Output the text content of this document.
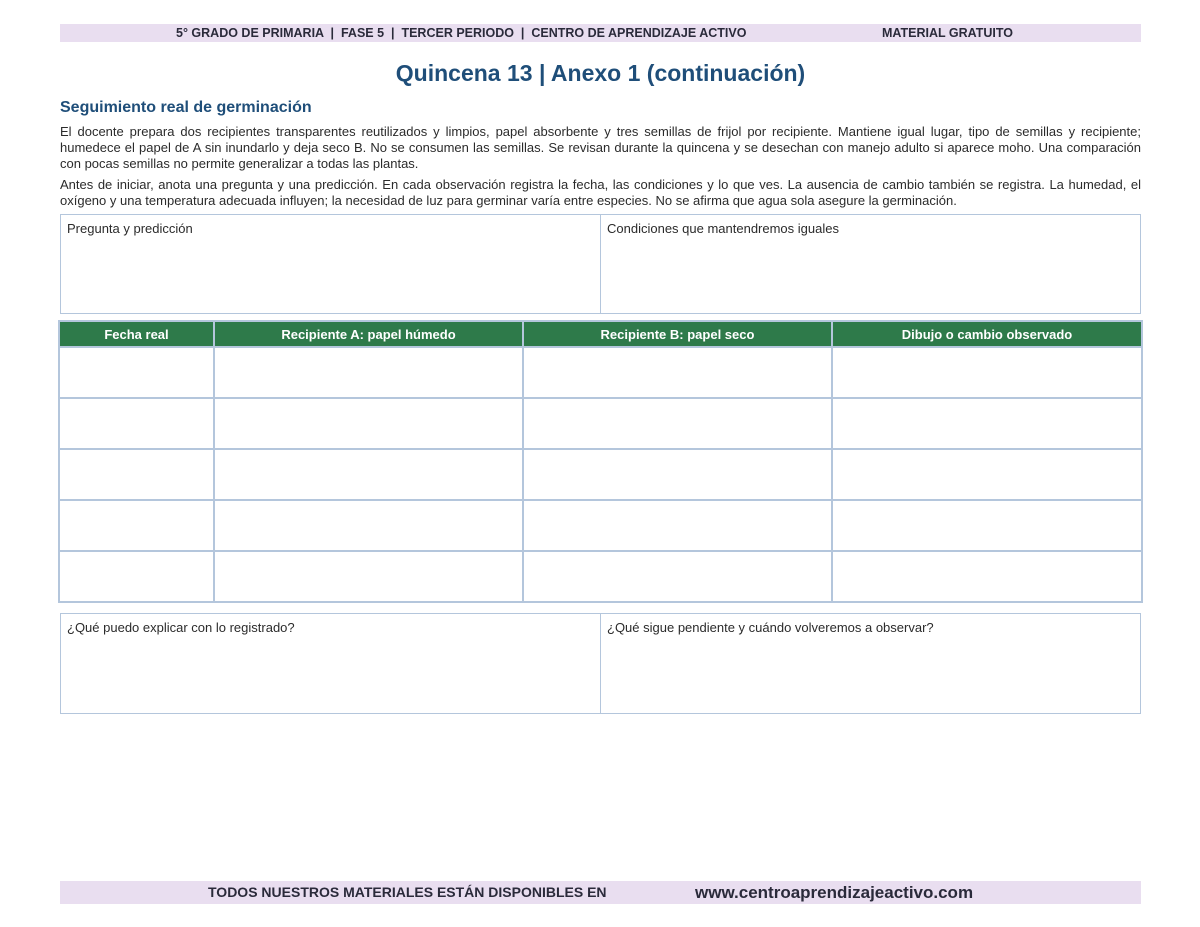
5° GRADO DE PRIMARIA  |  FASE 5  |  TERCER PERIODO  |  CENTRO DE APRENDIZAJE ACTIVO	MATERIAL GRATUITO
Quincena 13 | Anexo 1 (continuación)
Seguimiento real de germinación
El docente prepara dos recipientes transparentes reutilizados y limpios, papel absorbente y tres semillas de frijol por recipiente. Mantiene igual lugar, tipo de semillas y recipiente; humedece el papel de A sin inundarlo y deja seco B. No se consumen las semillas. Se revisan durante la quincena y se desechan con manejo adulto si aparece moho. Una comparación con pocas semillas no permite generalizar a todas las plantas.
Antes de iniciar, anota una pregunta y una predicción. En cada observación registra la fecha, las condiciones y lo que ves. La ausencia de cambio también se registra. La humedad, el oxígeno y una temperatura adecuada influyen; la necesidad de luz para germinar varía entre especies. No se afirma que agua sola asegure la germinación.
Pregunta y predicción	Condiciones que mantendremos iguales
Fecha real	Recipiente A: papel húmedo	Recipiente B: papel seco	Dibujo o cambio observado

¿Qué puedo explicar con lo registrado?	¿Qué sigue pendiente y cuándo volveremos a observar?
TODOS NUESTROS MATERIALES ESTÁN DISPONIBLES EN	www.centroaprendizajeactivo.com
